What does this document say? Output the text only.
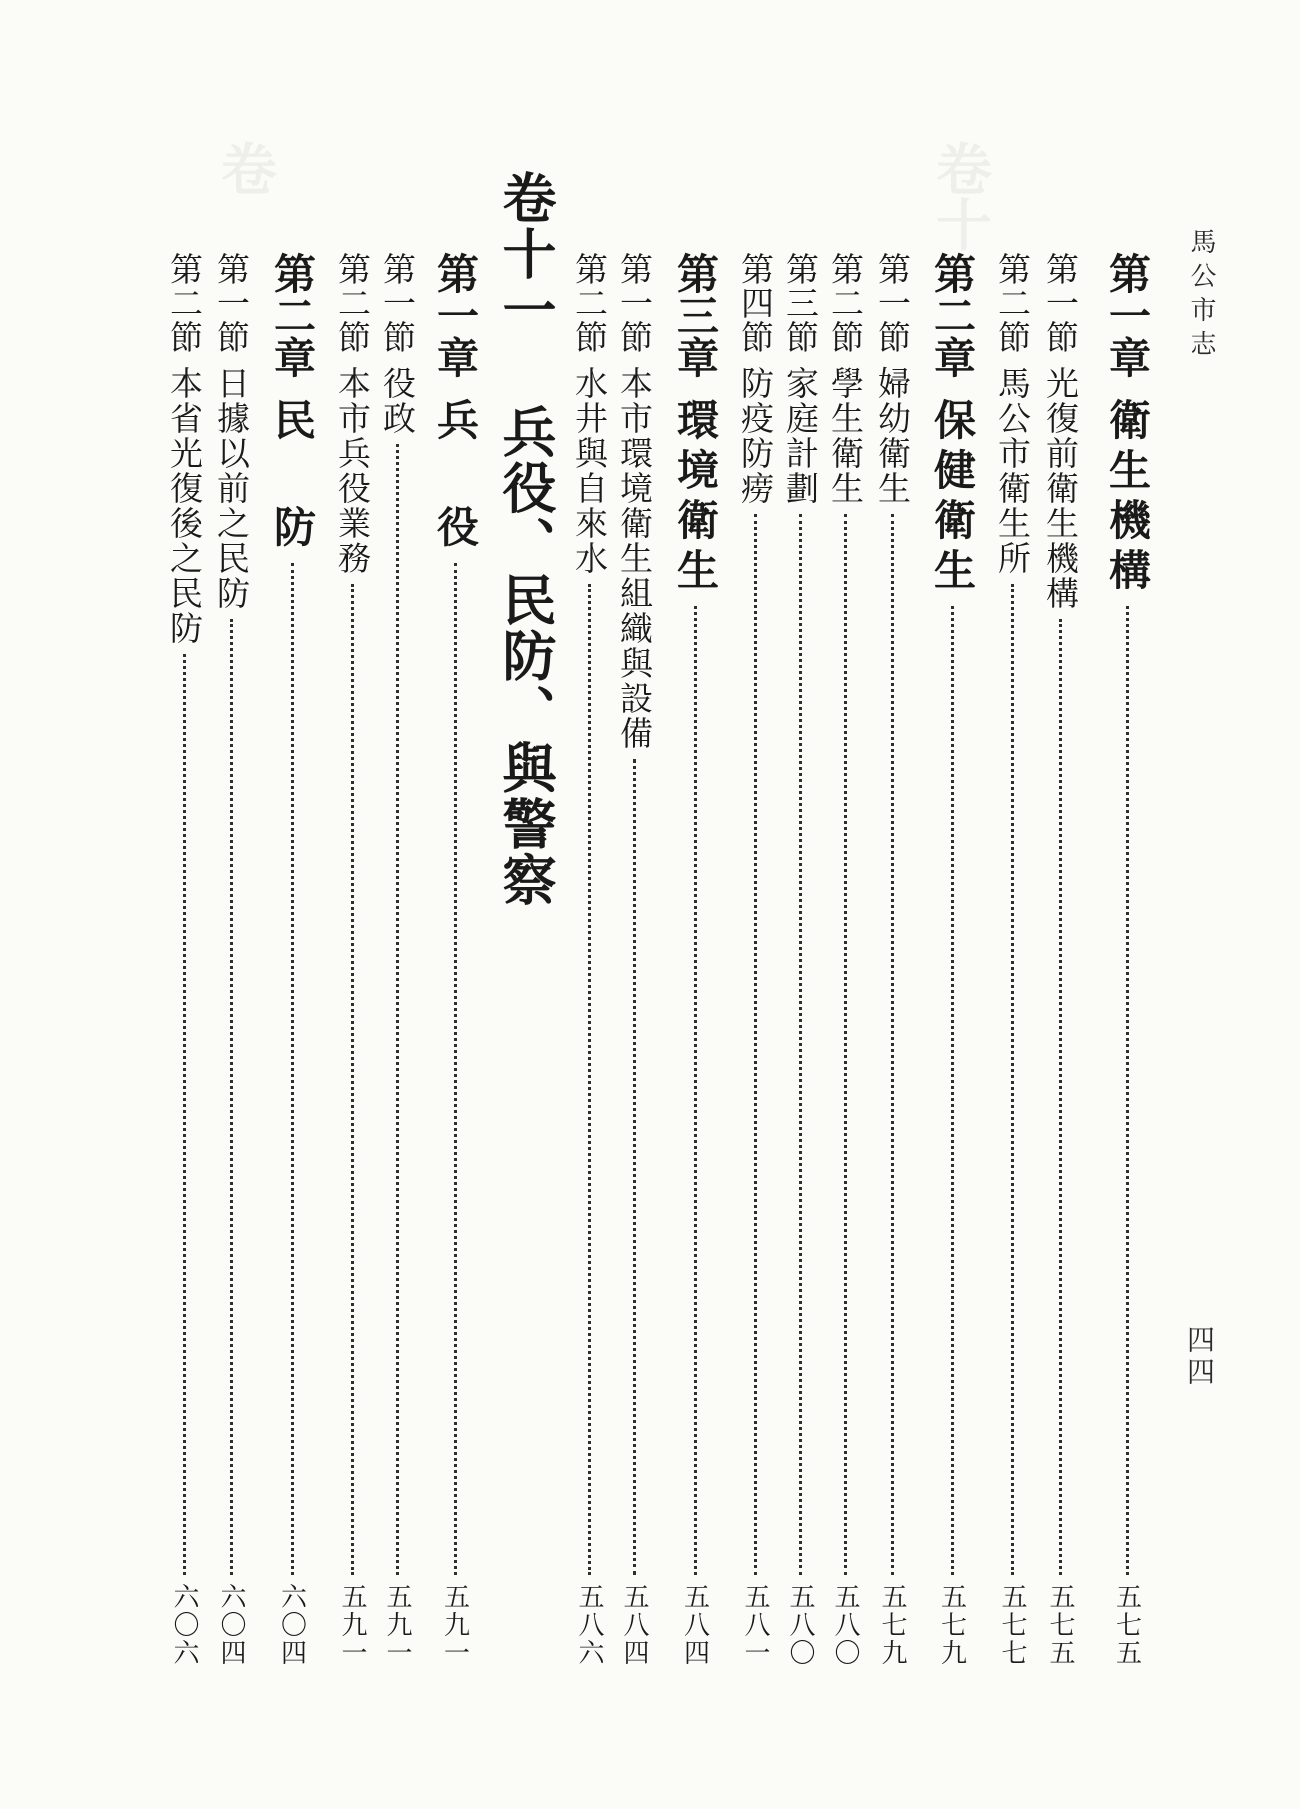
卷	卷十
馬公市志
四四
第一章
衛生機構
五七五
第一節
光復前衛生機構
五七五
第二節
馬公市衛生所
五七七
第二章
保健衛生
五七九
第一節
婦幼衛生
五七九
第二節
學生衛生
五八〇
第三節
家庭計劃
五八〇
第四節
防疫防痨
五八一
第三章
環境衛生
五八四
第一節
本市環境衛生組織與設備
五八四
第二節
水井與自來水
五八六
卷十一 兵役、民防、與警察
第一章
兵 役
五九一
第一節
役政
五九一
第二節
本市兵役業務
五九一
第二章
民 防
六〇四
第一節
日據以前之民防
六〇四
第二節
本省光復後之民防
六〇六
